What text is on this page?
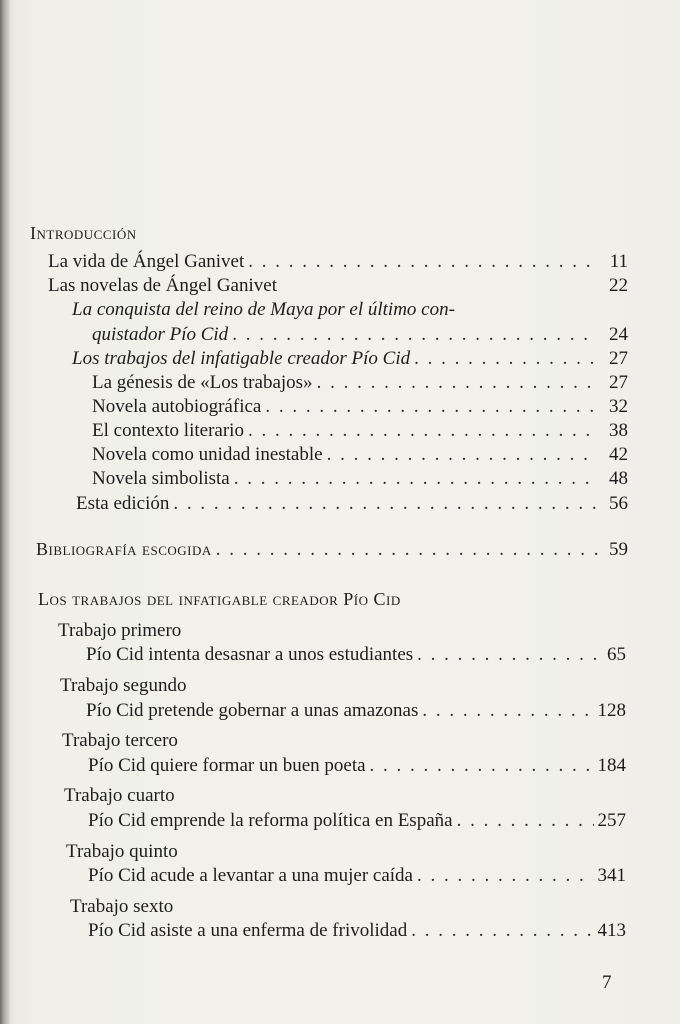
Introducción
La vida de Ángel Ganivet . . .	11
Las novelas de Ángel Ganivet	22
La conquista del reino de Maya por el último con-
quistador Pío Cid . . .	24
Los trabajos del infatigable creador Pío Cid . . .	27
La génesis de «Los trabajos» . . .	27
Novela autobiográfica . . .	32
El contexto literario . . .	38
Novela como unidad inestable . . .	42
Novela simbolista . . .	48
Esta edición . . .	56
Bibliografía escogida . . .	59
Los trabajos del infatigable creador Pío Cid
Trabajo primero
Pío Cid intenta desasnar a unos estudiantes . . .	65
Trabajo segundo
Pío Cid pretende gobernar a unas amazonas . . .	128
Trabajo tercero
Pío Cid quiere formar un buen poeta . . .	184
Trabajo cuarto
Pío Cid emprende la reforma política en España . . .	257
Trabajo quinto
Pío Cid acude a levantar a una mujer caída . . .	341
Trabajo sexto
Pío Cid asiste a una enferma de frivolidad . . .	413
7
